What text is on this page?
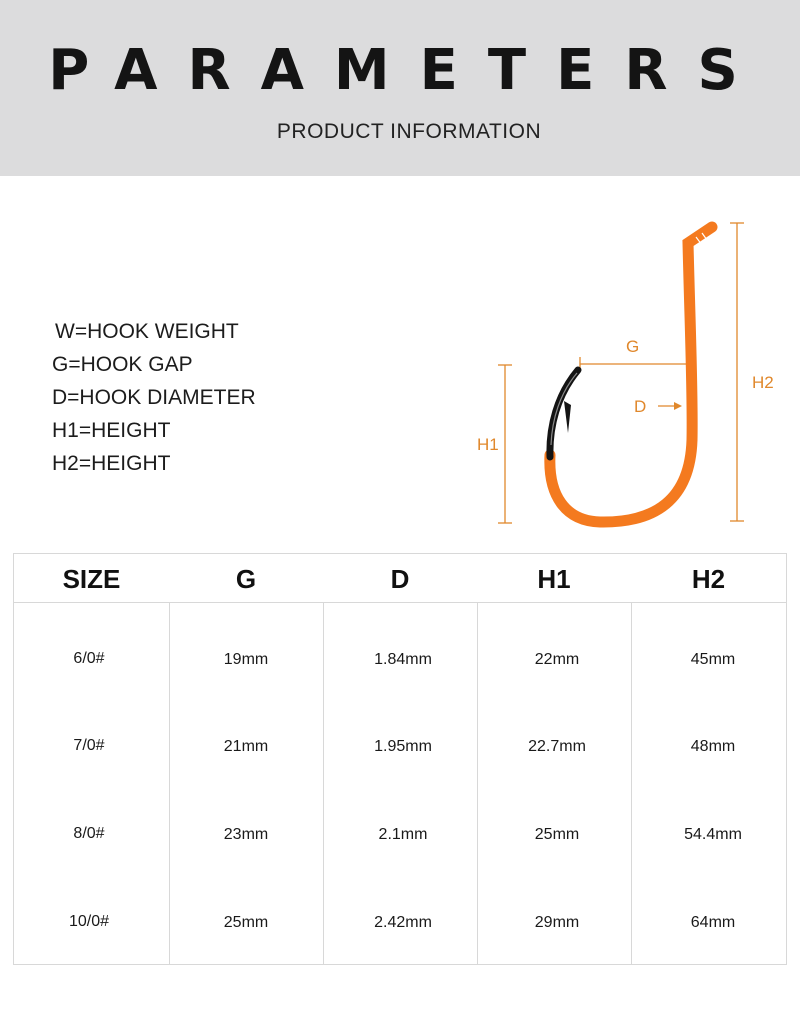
PARAMETERS
PRODUCT INFORMATION
W=HOOK WEIGHT
G=HOOK GAP
D=HOOK DIAMETER
H1=HEIGHT
H2=HEIGHT
G
D
H1
H2
SIZE	G	D	H1	H2
6/0#	19mm	1.84mm	22mm	45mm
7/0#	21mm	1.95mm	22.7mm	48mm
8/0#	23mm	2.1mm	25mm	54.4mm
10/0#	25mm	2.42mm	29mm	64mm
